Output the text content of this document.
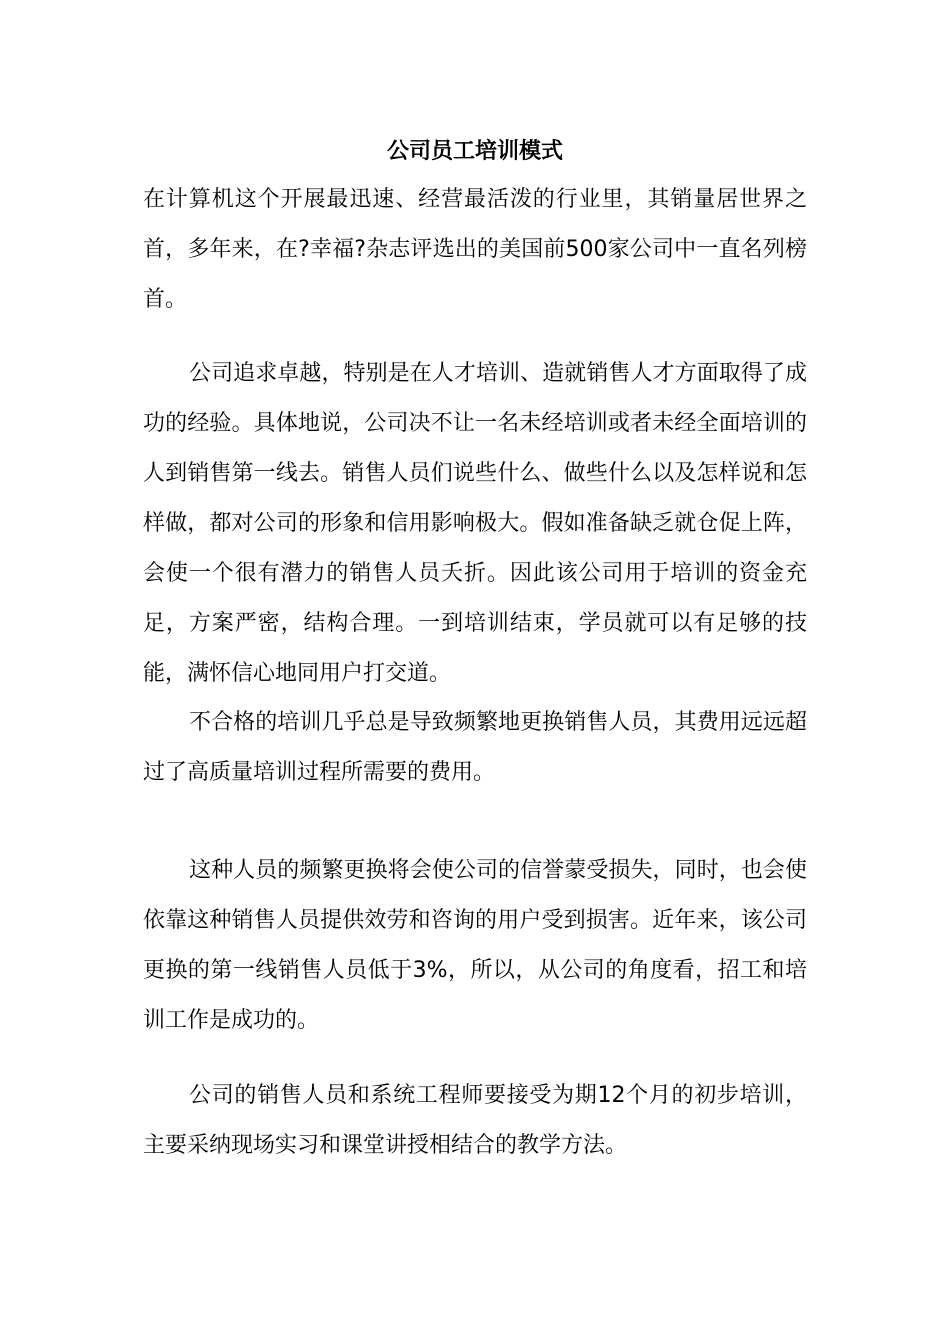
公司员工培训模式

在计算机这个开展最迅速、经营最活泼的行业里，其销量居世界之首，多年来，在?幸福?杂志评选出的美国前500家公司中一直名列榜首。

公司追求卓越，特别是在人才培训、造就销售人才方面取得了成功的经验。具体地说，公司决不让一名未经培训或者未经全面培训的人到销售第一线去。销售人员们说些什么、做些什么以及怎样说和怎样做，都对公司的形象和信用影响极大。假如准备缺乏就仓促上阵，会使一个很有潜力的销售人员夭折。因此该公司用于培训的资金充足，方案严密，结构合理。一到培训结束，学员就可以有足够的技能，满怀信心地同用户打交道。

不合格的培训几乎总是导致频繁地更换销售人员，其费用远远超过了高质量培训过程所需要的费用。

这种人员的频繁更换将会使公司的信誉蒙受损失，同时，也会使依靠这种销售人员提供效劳和咨询的用户受到损害。近年来，该公司更换的第一线销售人员低于3%，所以，从公司的角度看，招工和培训工作是成功的。

公司的销售人员和系统工程师要接受为期12个月的初步培训，主要采纳现场实习和课堂讲授相结合的教学方法。
